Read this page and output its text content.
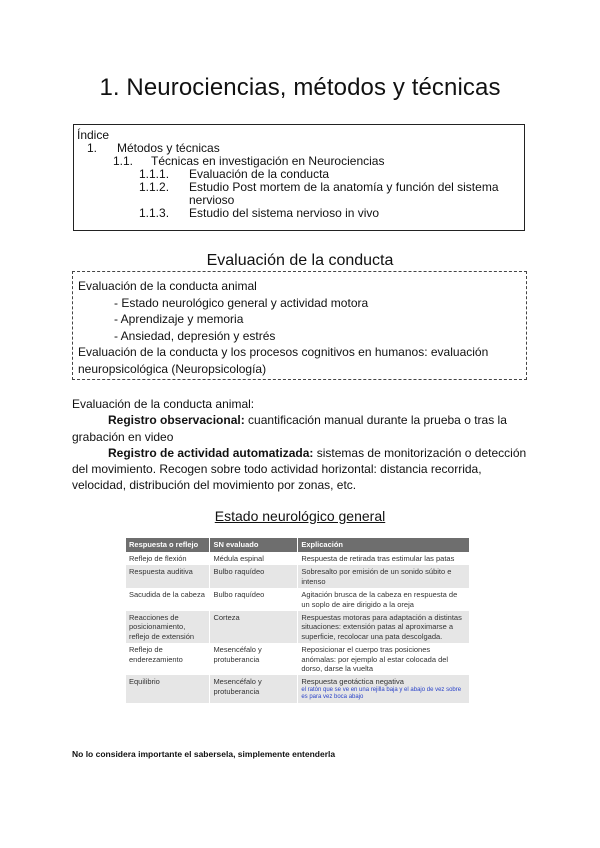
1. Neurociencias, métodos y técnicas
Índice
1.	Métodos y técnicas
1.1.	Técnicas en investigación en Neurociencias
1.1.1.	Evaluación de la conducta
1.1.2.	Estudio Post mortem de la anatomía y función del sistema nervioso
1.1.3.	Estudio del sistema nervioso in vivo
Evaluación de la conducta
Evaluación de la conducta animal
- Estado neurológico general y actividad motora
- Aprendizaje y memoria
- Ansiedad, depresión y estrés
Evaluación de la conducta y los procesos cognitivos en humanos: evaluación neuropsicológica (Neuropsicología)

Evaluación de la conducta animal:

Registro observacional: cuantificación manual durante la prueba o tras la grabación en video

Registro de actividad automatizada: sistemas de monitorización o detección del movimiento. Recogen sobre todo actividad horizontal: distancia recorrida, velocidad, distribución del movimiento por zonas, etc.

Estado neurológico general
Respuesta o reflejo	SN evaluado	Explicación
Reflejo de flexión	Médula espinal	Respuesta de retirada tras estimular las patas
Respuesta auditiva	Bulbo raquídeo	Sobresalto por emisión de un sonido súbito e intenso
Sacudida de la cabeza	Bulbo raquídeo	Agitación brusca de la cabeza en respuesta de un soplo de aire dirigido a la oreja
Reacciones de posicionamiento, reflejo de extensión	Corteza	Respuestas motoras para adaptación a distintas situaciones: extensión patas al aproximarse a superficie, recolocar una pata descolgada.
Reflejo de enderezamiento	Mesencéfalo y protuberancia	Reposicionar el cuerpo tras posiciones anómalas: por ejemplo al estar colocada del dorso, darse la vuelta
Equilibrio	Mesencéfalo y protuberancia	Respuesta geotáctica negativa
el ratón que se ve en una rejilla baja y el abajo de vez sobre es para vez boca abajo
No lo considera importante el sabersela, simplemente entenderla
